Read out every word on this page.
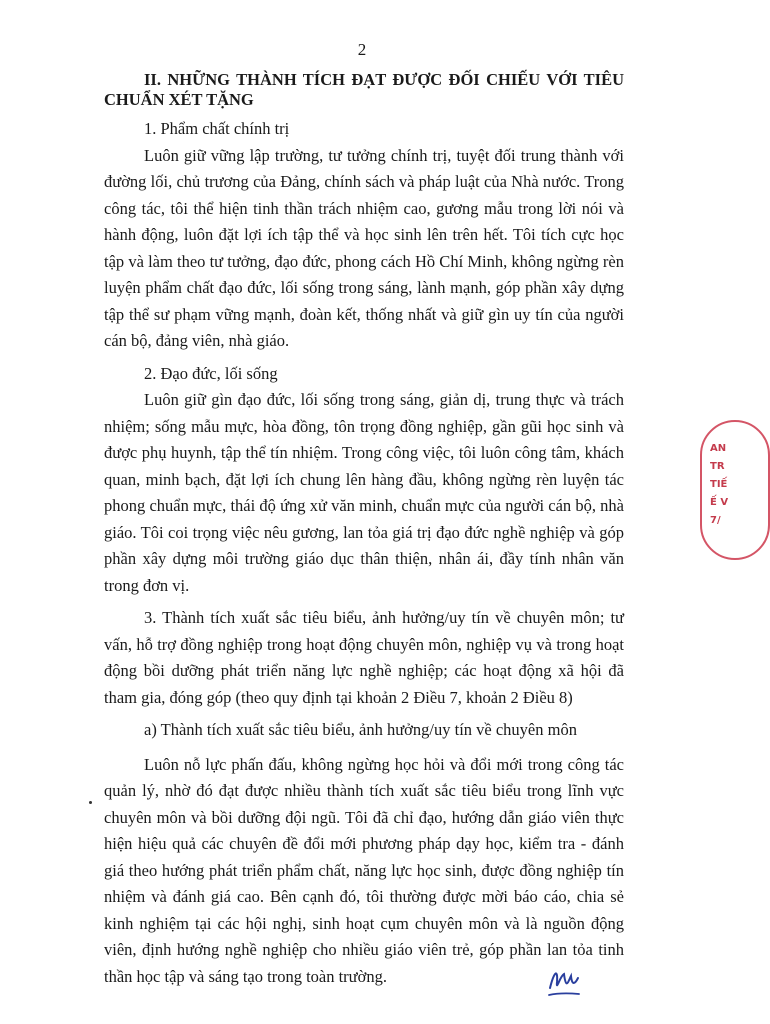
2

II. NHỮNG THÀNH TÍCH ĐẠT ĐƯỢC ĐỐI CHIẾU VỚI TIÊU CHUẨN XÉT TẶNG

1. Phẩm chất chính trị

Luôn giữ vững lập trường, tư tưởng chính trị, tuyệt đối trung thành với đường lối, chủ trương của Đảng, chính sách và pháp luật của Nhà nước. Trong công tác, tôi thể hiện tinh thần trách nhiệm cao, gương mẫu trong lời nói và hành động, luôn đặt lợi ích tập thể và học sinh lên trên hết. Tôi tích cực học tập và làm theo tư tưởng, đạo đức, phong cách Hồ Chí Minh, không ngừng rèn luyện phẩm chất đạo đức, lối sống trong sáng, lành mạnh, góp phần xây dựng tập thể sư phạm vững mạnh, đoàn kết, thống nhất và giữ gìn uy tín của người cán bộ, đảng viên, nhà giáo.

2. Đạo đức, lối sống

Luôn giữ gìn đạo đức, lối sống trong sáng, giản dị, trung thực và trách nhiệm; sống mẫu mực, hòa đồng, tôn trọng đồng nghiệp, gần gũi học sinh và được phụ huynh, tập thể tín nhiệm. Trong công việc, tôi luôn công tâm, khách quan, minh bạch, đặt lợi ích chung lên hàng đầu, không ngừng rèn luyện tác phong chuẩn mực, thái độ ứng xử văn minh, chuẩn mực của người cán bộ, nhà giáo. Tôi coi trọng việc nêu gương, lan tỏa giá trị đạo đức nghề nghiệp và góp phần xây dựng môi trường giáo dục thân thiện, nhân ái, đầy tính nhân văn trong đơn vị.

3. Thành tích xuất sắc tiêu biểu, ảnh hưởng/uy tín về chuyên môn; tư vấn, hỗ trợ đồng nghiệp trong hoạt động chuyên môn, nghiệp vụ và trong hoạt động bồi dưỡng phát triển năng lực nghề nghiệp; các hoạt động xã hội đã tham gia, đóng góp (theo quy định tại khoản 2 Điều 7, khoản 2 Điều 8)

a) Thành tích xuất sắc tiêu biểu, ảnh hưởng/uy tín về chuyên môn

Luôn nỗ lực phấn đấu, không ngừng học hỏi và đổi mới trong công tác quản lý, nhờ đó đạt được nhiều thành tích xuất sắc tiêu biểu trong lĩnh vực chuyên môn và bồi dưỡng đội ngũ. Tôi đã chỉ đạo, hướng dẫn giáo viên thực hiện hiệu quả các chuyên đề đổi mới phương pháp dạy học, kiểm tra - đánh giá theo hướng phát triển phẩm chất, năng lực học sinh, được đồng nghiệp tín nhiệm và đánh giá cao. Bên cạnh đó, tôi thường được mời báo cáo, chia sẻ kinh nghiệm tại các hội nghị, sinh hoạt cụm chuyên môn và là nguồn động viên, định hướng nghề nghiệp cho nhiều giáo viên trẻ, góp phần lan tỏa tinh thần học tập và sáng tạo trong toàn trường.

AN
TR
TIẾ
Ế V
7/
